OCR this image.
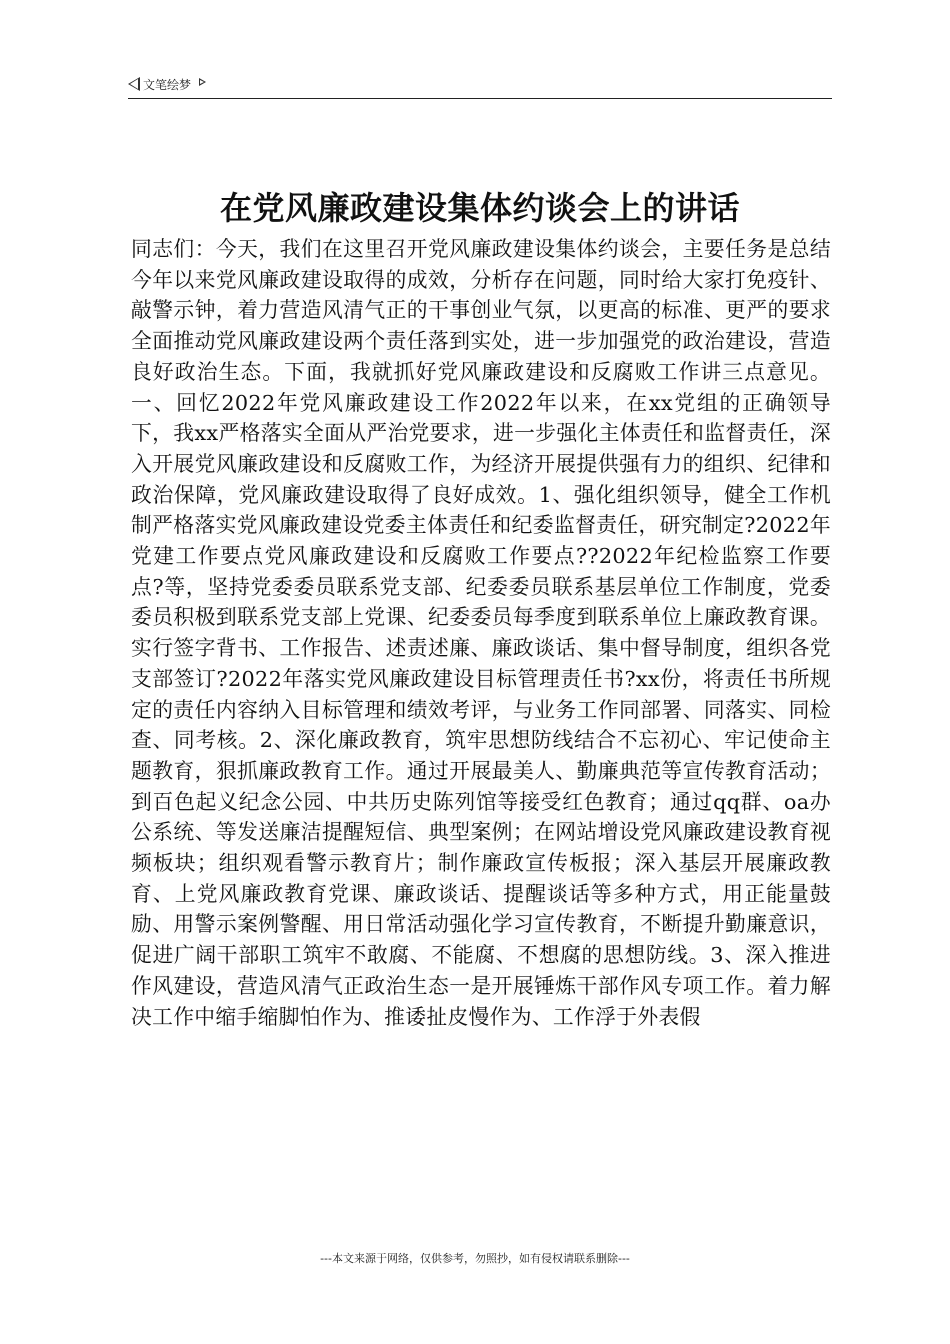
文笔绘梦
在党风廉政建设集体约谈会上的讲话

同志们：今天，我们在这里召开党风廉政建设集体约谈会，主要任务是总结今年以来党风廉政建设取得的成效，分析存在问题，同时给大家打免疫针、敲警示钟，着力营造风清气正的干事创业气氛，以更高的标准、更严的要求全面推动党风廉政建设两个责任落到实处，进一步加强党的政治建设，营造良好政治生态。下面，我就抓好党风廉政建设和反腐败工作讲三点意见。一、回忆2022年党风廉政建设工作2022年以来，在xx党组的正确领导下，我xx严格落实全面从严治党要求，进一步强化主体责任和监督责任，深入开展党风廉政建设和反腐败工作，为经济开展提供强有力的组织、纪律和政治保障，党风廉政建设取得了良好成效。1、强化组织领导，健全工作机制严格落实党风廉政建设党委主体责任和纪委监督责任，研究制定?2022年党建工作要点党风廉政建设和反腐败工作要点??2022年纪检监察工作要点?等，坚持党委委员联系党支部、纪委委员联系基层单位工作制度，党委委员积极到联系党支部上党课、纪委委员每季度到联系单位上廉政教育课。实行签字背书、工作报告、述责述廉、廉政谈话、集中督导制度，组织各党支部签订?2022年落实党风廉政建设目标管理责任书?xx份，将责任书所规定的责任内容纳入目标管理和绩效考评，与业务工作同部署、同落实、同检查、同考核。2、深化廉政教育，筑牢思想防线结合不忘初心、牢记使命主题教育，狠抓廉政教育工作。通过开展最美人、勤廉典范等宣传教育活动；到百色起义纪念公园、中共历史陈列馆等接受红色教育；通过qq群、oa办公系统、等发送廉洁提醒短信、典型案例；在网站增设党风廉政建设教育视频板块；组织观看警示教育片；制作廉政宣传板报；深入基层开展廉政教育、上党风廉政教育党课、廉政谈话、提醒谈话等多种方式，用正能量鼓励、用警示案例警醒、用日常活动强化学习宣传教育，不断提升勤廉意识，促进广阔干部职工筑牢不敢腐、不能腐、不想腐的思想防线。3、深入推进作风建设，营造风清气正政治生态一是开展锤炼干部作风专项工作。着力解决工作中缩手缩脚怕作为、推诿扯皮慢作为、工作浮于外表假

---本文来源于网络，仅供参考，勿照抄，如有侵权请联系删除---
